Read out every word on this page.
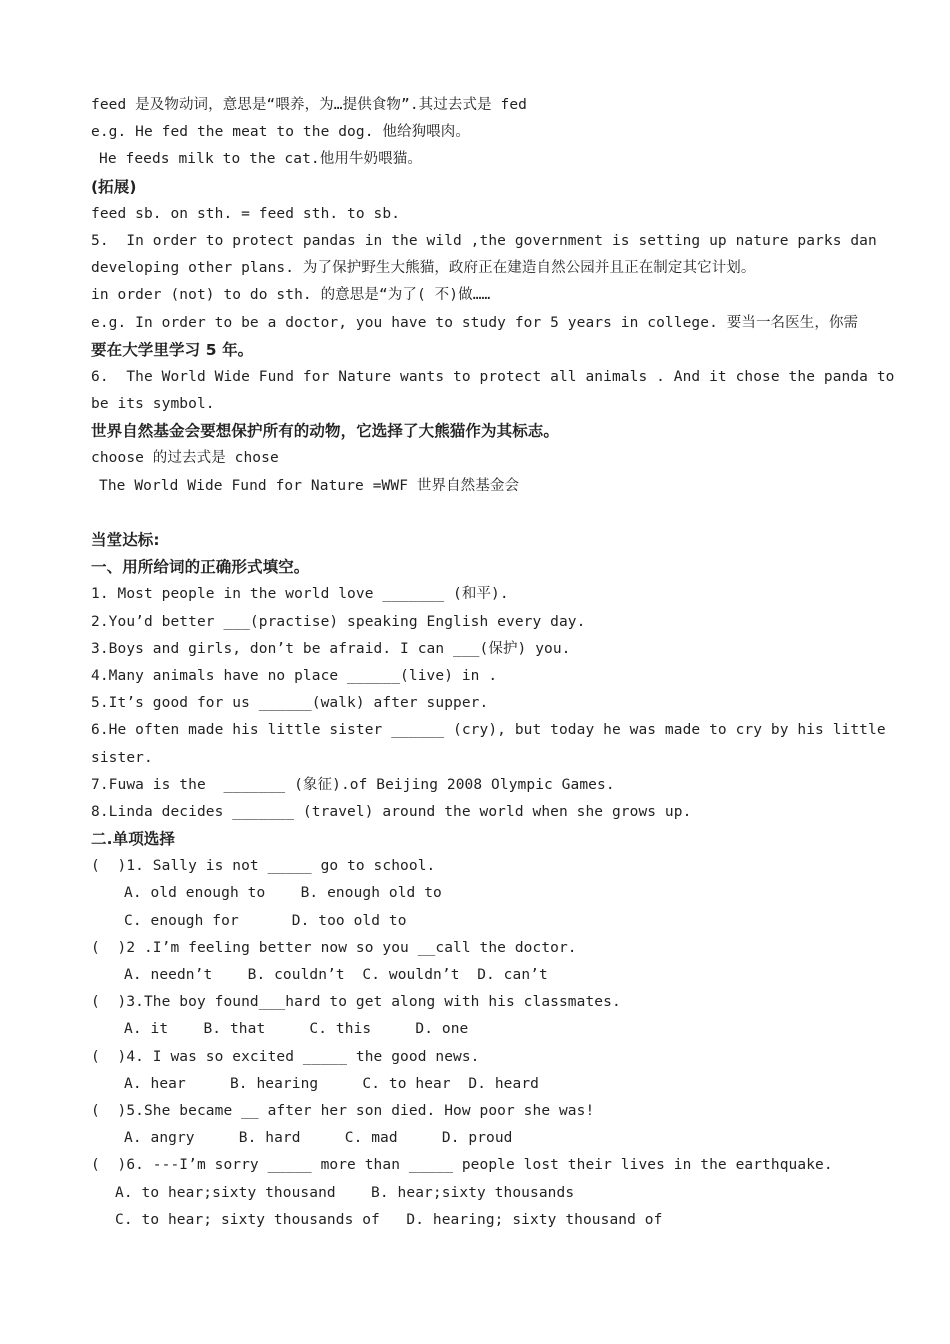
feed 是及物动词，意思是“喂养，为…提供食物”.其过去式是 fed
e.g. He fed the meat to the dog. 他给狗喂肉。
He feeds milk to the cat.他用牛奶喂猫。
(拓展)
feed sb. on sth. = feed sth. to sb.
5.  In order to protect pandas in the wild ,the government is setting up nature parks dan
developing other plans. 为了保护野生大熊猫，政府正在建造自然公园并且正在制定其它计划。
in order (not) to do sth. 的意思是“为了( 不)做……
e.g. In order to be a doctor, you have to study for 5 years in college. 要当一名医生，你需
要在大学里学习 5 年。
6.  The World Wide Fund for Nature wants to protect all animals . And it chose the panda to
be its symbol.
世界自然基金会要想保护所有的动物，它选择了大熊猫作为其标志。
choose 的过去式是 chose
The World Wide Fund for Nature =WWF 世界自然基金会
当堂达标:
一、用所给词的正确形式填空。
1. Most people in the world love _______ (和平).
2.You’d better ___(practise) speaking English every day.
3.Boys and girls, don’t be afraid. I can ___(保护) you.
4.Many animals have no place ______(live) in .
5.It’s good for us ______(walk) after supper.
6.He often made his little sister ______ (cry), but today he was made to cry by his little
sister.
7.Fuwa is the  _______ (象征).of Beijing 2008 Olympic Games.
8.Linda decides _______ (travel) around the world when she grows up.
二.单项选择
(  )1. Sally is not _____ go to school.
A. old enough to    B. enough old to
C. enough for      D. too old to
(  )2 .I’m feeling better now so you __call the doctor.
A. needn’t    B. couldn’t  C. wouldn’t  D. can’t
(  )3.The boy found___hard to get along with his classmates.
A. it    B. that     C. this     D. one
(  )4. I was so excited _____ the good news.
A. hear     B. hearing     C. to hear  D. heard
(  )5.She became __ after her son died. How poor she was!
A. angry     B. hard     C. mad     D. proud
(  )6. ---I’m sorry _____ more than _____ people lost their lives in the earthquake.
A. to hear;sixty thousand    B. hear;sixty thousands
C. to hear; sixty thousands of   D. hearing; sixty thousand of
